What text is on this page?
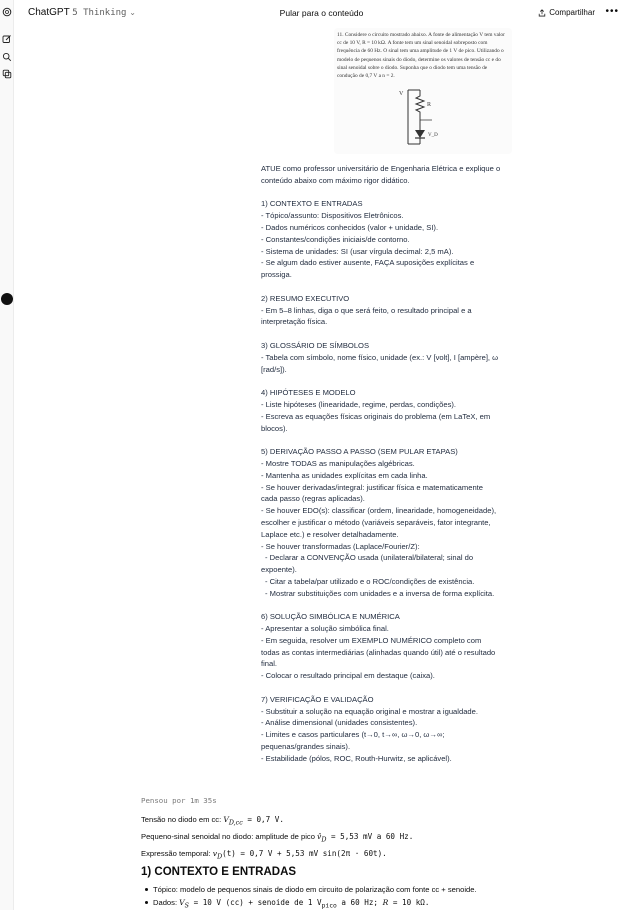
ChatGPT 5 Thinking ⌄	Pular para o conteúdo	Compartilhar •••
11. Considere o circuito mostrado abaixo. A fonte de alimentação V tem valor cc de 10 V, R = 10 kΩ. A fonte tem um sinal senoidal sobreposto com frequência de 60 Hz. O sinal tem uma amplitude de 1 V de pico. Utilizando o modelo de pequenos sinais do diodo, determine os valores de tensão cc e do sinal senoidal sobre o diodo. Suponha que o diodo tem uma tensão de condução de 0,7 V a n = 2.
V
R
V_D
ATUE como professor universitário de Engenharia Elétrica e explique o
conteúdo abaixo com máximo rigor didático.
1) CONTEXTO E ENTRADAS
- Tópico/assunto: Dispositivos Eletrônicos.
- Dados numéricos conhecidos (valor + unidade, SI).
- Constantes/condições iniciais/de contorno.
- Sistema de unidades: SI (usar vírgula decimal: 2,5 mA).
- Se algum dado estiver ausente, FAÇA suposições explícitas e
prossiga.
2) RESUMO EXECUTIVO
- Em 5–8 linhas, diga o que será feito, o resultado principal e a
interpretação física.
3) GLOSSÁRIO DE SÍMBOLOS
- Tabela com símbolo, nome físico, unidade (ex.: V [volt], I [ampère], ω
[rad/s]).
4) HIPÓTESES E MODELO
- Liste hipóteses (linearidade, regime, perdas, condições).
- Escreva as equações físicas originais do problema (em LaTeX, em
blocos).
5) DERIVAÇÃO PASSO A PASSO (SEM PULAR ETAPAS)
- Mostre TODAS as manipulações algébricas.
- Mantenha as unidades explícitas em cada linha.
- Se houver derivadas/integral: justificar física e matematicamente
cada passo (regras aplicadas).
- Se houver EDO(s): classificar (ordem, linearidade, homogeneidade),
escolher e justificar o método (variáveis separáveis, fator integrante,
Laplace etc.) e resolver detalhadamente.
- Se houver transformadas (Laplace/Fourier/Z):
- Declarar a CONVENÇÃO usada (unilateral/bilateral; sinal do
expoente).
- Citar a tabela/par utilizado e o ROC/condições de existência.
- Mostrar substituições com unidades e a inversa de forma explícita.
6) SOLUÇÃO SIMBÓLICA E NUMÉRICA
- Apresentar a solução simbólica final.
- Em seguida, resolver um EXEMPLO NUMÉRICO completo com
todas as contas intermediárias (alinhadas quando útil) até o resultado
final.
- Colocar o resultado principal em destaque (caixa).
7) VERIFICAÇÃO E VALIDAÇÃO
- Substituir a solução na equação original e mostrar a igualdade.
- Análise dimensional (unidades consistentes).
- Limites e casos particulares (t→0, t→∞, ω→0, ω→∞;
pequenas/grandes sinais).
- Estabilidade (pólos, ROC, Routh-Hurwitz, se aplicável).
Pensou por 1m 35s
Tensão no diodo em cc: $V_{D,cc} = 0,7$ V.
Pequeno-sinal senoidal no diodo: amplitude de pico $v̂_D = 5,53$ mV a 60 Hz.
Expressão temporal: $v_D(t) = 0,7$ V + 5,53 mV sin(2π · 60t).
1) CONTEXTO E ENTRADAS
Tópico: modelo de pequenos sinais de diodo em circuito de polarização com fonte cc + senoide.
Dados: $V_S = 10$ V (cc) + senoide de 1 $V_{pico}$ a 60 Hz; R = 10 kΩ.
